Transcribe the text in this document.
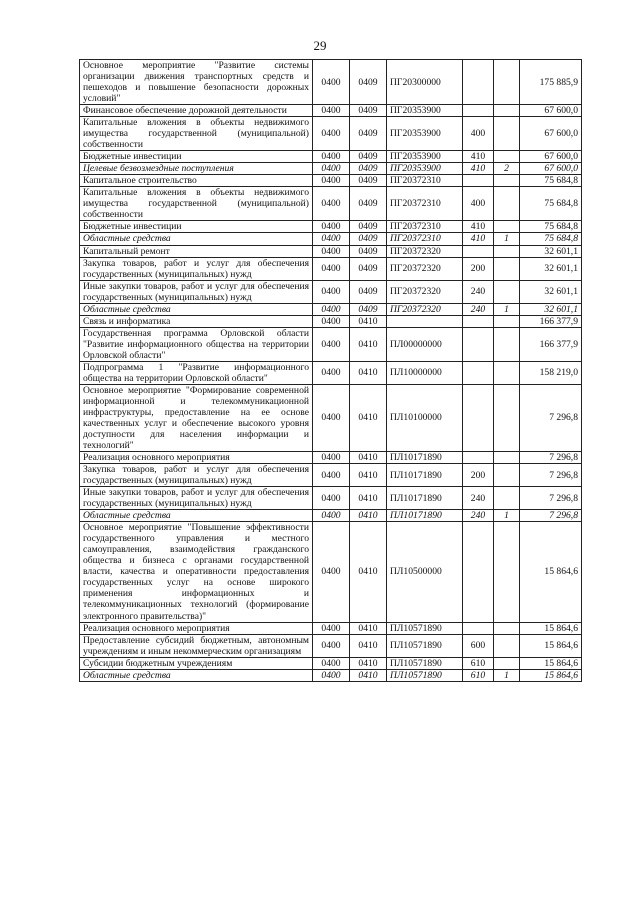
29
Основное мероприятие "Развитие системы организации движения транспортных средств и пешеходов и повышение безопасности дорожных условий"	0400	0409	ПГ20300000			175 885,9
Финансовое обеспечение дорожной деятельности	0400	0409	ПГ20353900			67 600,0
Капитальные вложения в объекты недвижимого имущества государственной (муниципальной) собственности	0400	0409	ПГ20353900	400		67 600,0
Бюджетные инвестиции	0400	0409	ПГ20353900	410		67 600,0
Целевые безвозмездные поступления	0400	0409	ПГ20353900	410	2	67 600,0
Капитальное строительство	0400	0409	ПГ20372310			75 684,8
Капитальные вложения в объекты недвижимого имущества государственной (муниципальной) собственности	0400	0409	ПГ20372310	400		75 684,8
Бюджетные инвестиции	0400	0409	ПГ20372310	410		75 684,8
Областные средства	0400	0409	ПГ20372310	410	1	75 684,8
Капитальный ремонт	0400	0409	ПГ20372320			32 601,1
Закупка товаров, работ и услуг для обеспечения государственных (муниципальных) нужд	0400	0409	ПГ20372320	200		32 601,1
Иные закупки товаров, работ и услуг для обеспечения государственных (муниципальных) нужд	0400	0409	ПГ20372320	240		32 601,1
Областные средства	0400	0409	ПГ20372320	240	1	32 601,1
Связь и информатика	0400	0410				166 377,9
Государственная программа Орловской области "Развитие информационного общества на территории Орловской области"	0400	0410	ПЛ00000000			166 377,9
Подпрограмма 1 "Развитие информационного общества на территории Орловской области"	0400	0410	ПЛ10000000			158 219,0
Основное мероприятие "Формирование современной информационной и телекоммуникационной инфраструктуры, предоставление на ее основе качественных услуг и обеспечение высокого уровня доступности для населения информации и технологий"	0400	0410	ПЛ10100000			7 296,8
Реализация основного мероприятия	0400	0410	ПЛ10171890			7 296,8
Закупка товаров, работ и услуг для обеспечения государственных (муниципальных) нужд	0400	0410	ПЛ10171890	200		7 296,8
Иные закупки товаров, работ и услуг для обеспечения государственных (муниципальных) нужд	0400	0410	ПЛ10171890	240		7 296,8
Областные средства	0400	0410	ПЛ10171890	240	1	7 296,8
Основное мероприятие "Повышение эффективности государственного управления и местного самоуправления, взаимодействия гражданского общества и бизнеса с органами государственной власти, качества и оперативности предоставления государственных услуг на основе широкого применения информационных и телекоммуникационных технологий (формирование электронного правительства)"	0400	0410	ПЛ10500000			15 864,6
Реализация основного мероприятия	0400	0410	ПЛ10571890			15 864,6
Предоставление субсидий бюджетным, автономным учреждениям и иным некоммерческим организациям	0400	0410	ПЛ10571890	600		15 864,6
Субсидии бюджетным учреждениям	0400	0410	ПЛ10571890	610		15 864,6
Областные средства	0400	0410	ПЛ10571890	610	1	15 864,6
